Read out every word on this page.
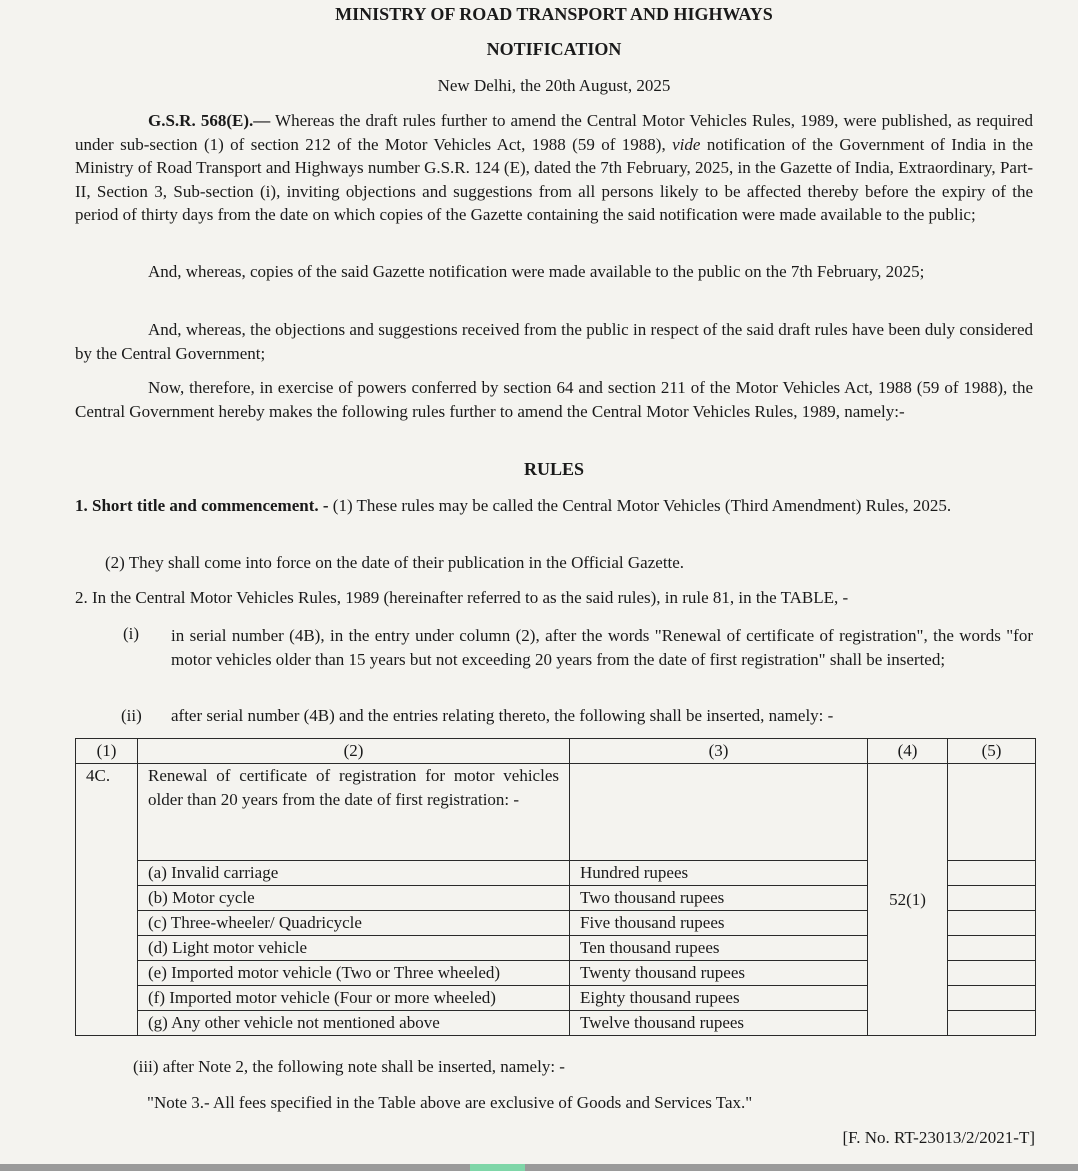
MINISTRY OF ROAD TRANSPORT AND HIGHWAYS
NOTIFICATION
New Delhi, the 20th August, 2025

G.S.R. 568(E).— Whereas the draft rules further to amend the Central Motor Vehicles Rules, 1989, were published, as required under sub-section (1) of section 212 of the Motor Vehicles Act, 1988 (59 of 1988), vide notification of the Government of India in the Ministry of Road Transport and Highways number G.S.R. 124 (E), dated the 7th February, 2025, in the Gazette of India, Extraordinary, Part-II, Section 3, Sub-section (i), inviting objections and suggestions from all persons likely to be affected thereby before the expiry of the period of thirty days from the date on which copies of the Gazette containing the said notification were made available to the public;

And, whereas, copies of the said Gazette notification were made available to the public on the 7th February, 2025;

And, whereas, the objections and suggestions received from the public in respect of the said draft rules have been duly considered by the Central Government;

Now, therefore, in exercise of powers conferred by section 64 and section 211 of the Motor Vehicles Act, 1988 (59 of 1988), the Central Government hereby makes the following rules further to amend the Central Motor Vehicles Rules, 1989, namely:-

RULES

1. Short title and commencement. - (1) These rules may be called the Central Motor Vehicles (Third Amendment) Rules, 2025.

(2) They shall come into force on the date of their publication in the Official Gazette.
2. In the Central Motor Vehicles Rules, 1989 (hereinafter referred to as the said rules), in rule 81, in the TABLE, -
(i) in serial number (4B), in the entry under column (2), after the words "Renewal of certificate of registration", the words "for motor vehicles older than 15 years but not exceeding 20 years from the date of first registration" shall be inserted;

(ii) after serial number (4B) and the entries relating thereto, the following shall be inserted, namely: -
(1)	(2)	(3)	(4)	(5)
4C.	Renewal of certificate of registration for motor vehicles older than 20 years from the date of first registration: -		52(1)	
	(a) Invalid carriage	Hundred rupees		
	(b) Motor cycle	Two thousand rupees		
	(c) Three-wheeler/ Quadricycle	Five thousand rupees		
	(d) Light motor vehicle	Ten thousand rupees		
	(e) Imported motor vehicle (Two or Three wheeled)	Twenty thousand rupees		
	(f) Imported motor vehicle (Four or more wheeled)	Eighty thousand rupees		
	(g) Any other vehicle not mentioned above	Twelve thousand rupees		
(iii) after Note 2, the following note shall be inserted, namely: -
"Note 3.- All fees specified in the Table above are exclusive of Goods and Services Tax."
[F. No. RT-23013/2/2021-T]
